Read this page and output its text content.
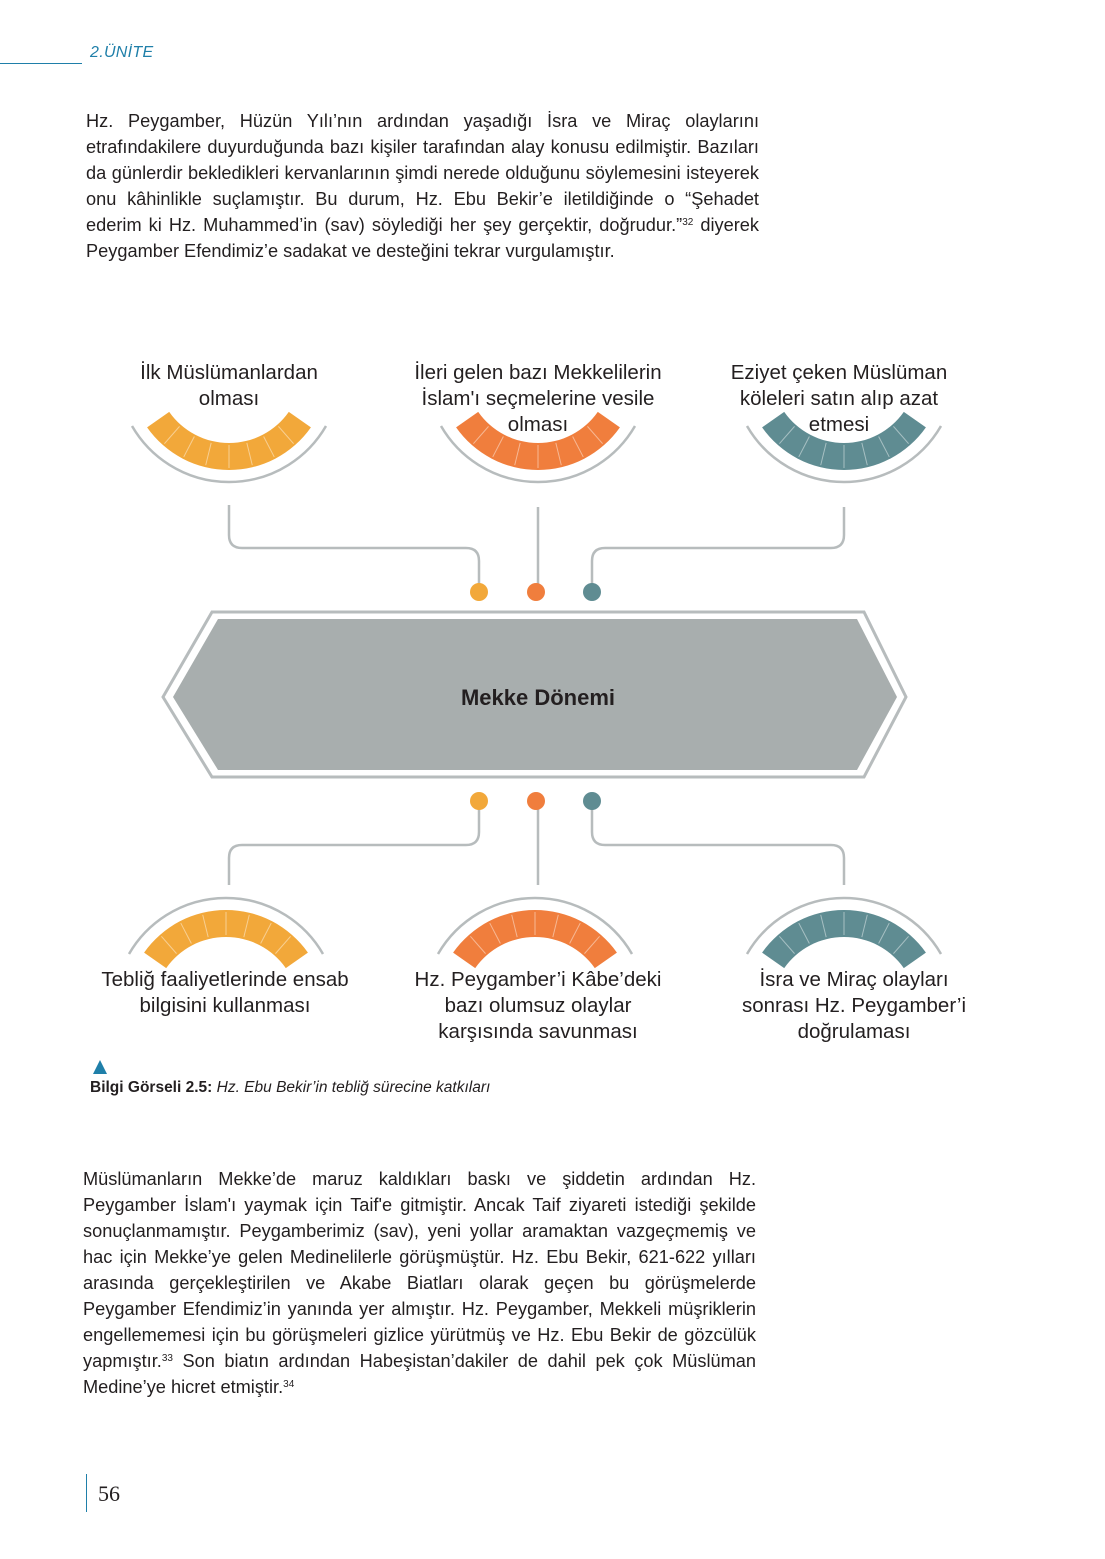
2.ÜNİTE

Hz. Peygamber, Hüzün Yılı’nın ardından yaşadığı İsra ve Miraç olaylarını etrafındakilere duyurduğunda bazı kişiler tarafından alay konusu edilmiştir. Bazıları da günlerdir bekledikleri kervanlarının şimdi nerede olduğunu söylemesini isteyerek onu kâhinlikle suçlamıştır. Bu durum, Hz. Ebu Bekir’e iletildiğinde o “Şehadet ederim ki Hz. Muhammed’in (sav) söylediği her şey gerçektir, doğrudur.”$^{32}$ diyerek Peygamber Efendimiz’e sadakat ve desteğini tekrar vurgulamıştır.

Mekke Dönemi
İlk Müslümanlardan olması
İleri gelen bazı Mekkelilerin İslam'ı seçmelerine vesile olması
Eziyet çeken Müslüman köleleri satın alıp azat etmesi
Tebliğ faaliyetlerinde ensab bilgisini kullanması
Hz. Peygamber’i Kâbe’deki bazı olumsuz olaylar karşısında savunması
İsra ve Miraç olayları sonrası Hz. Peygamber’i doğrulaması
Bilgi Görseli 2.5: Hz. Ebu Bekir’in tebliğ sürecine katkıları

Müslümanların Mekke’de maruz kaldıkları baskı ve şiddetin ardından Hz. Peygamber İslam'ı yaymak için Taif'e gitmiştir. Ancak Taif ziyareti istediği şekilde sonuçlanmamıştır. Peygamberimiz (sav), yeni yollar aramaktan vazgeçmemiş ve hac için Mekke’ye gelen Medinelilerle görüşmüştür. Hz. Ebu Bekir, 621-622 yılları arasında gerçekleştirilen ve Akabe Biatları olarak geçen bu görüşmelerde Peygamber Efendimiz’in yanında yer almıştır. Hz. Peygamber, Mekkeli müşriklerin engellememesi için bu görüşmeleri gizlice yürütmüş ve Hz. Ebu Bekir de gözcülük yapmıştır.$^{33}$ Son biatın ardından Habeşistan’dakiler de dahil pek çok Müslüman Medine’ye hicret etmiştir.$^{34}$

56
